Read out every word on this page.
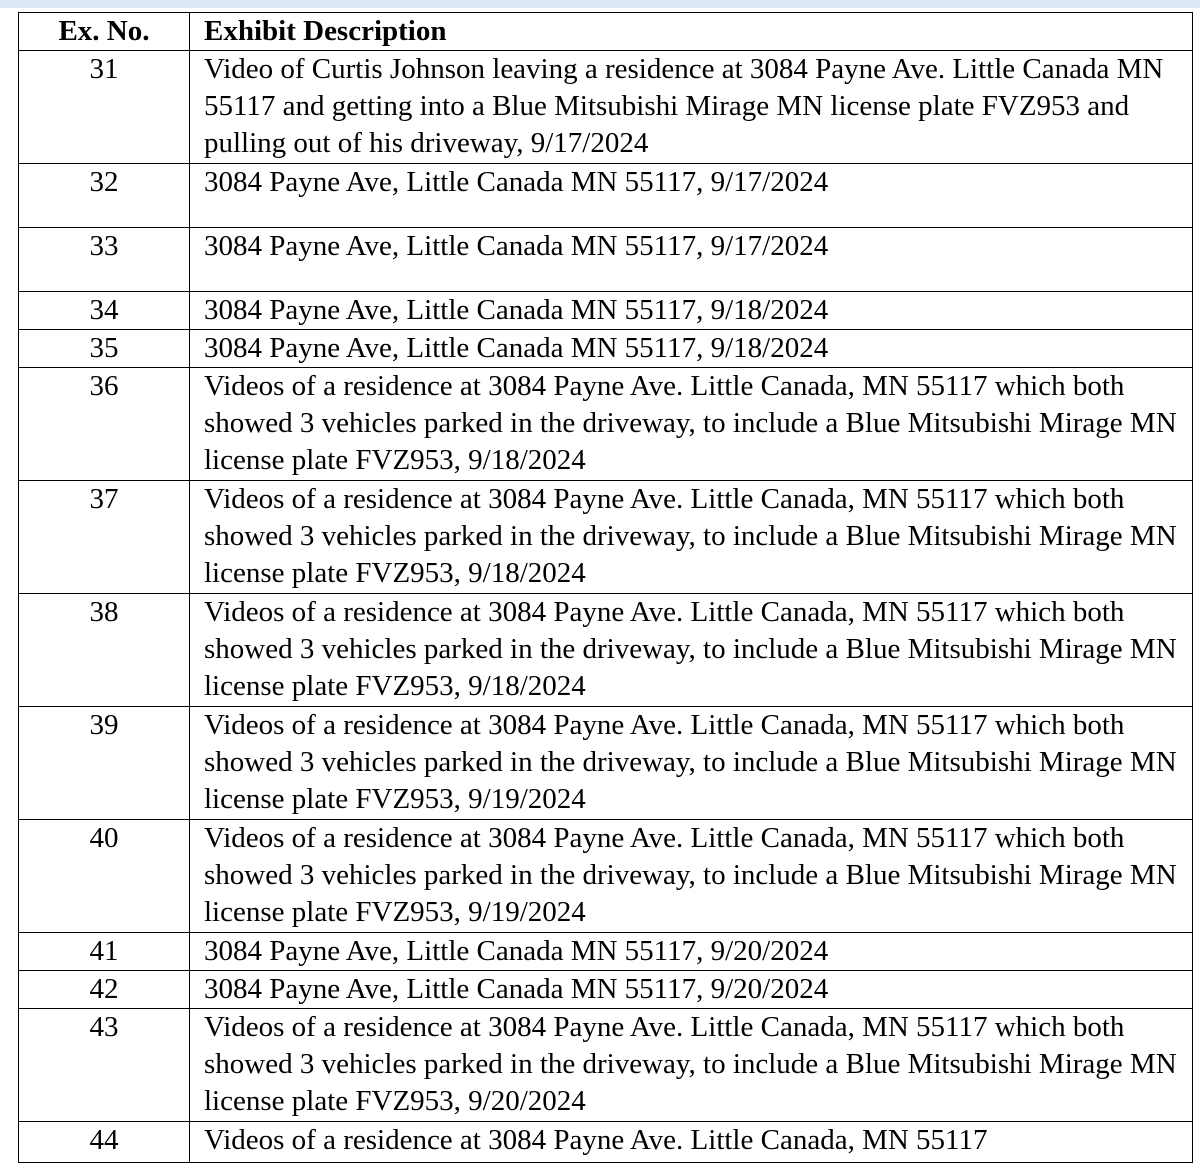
Ex. No.	Exhibit Description
31	Video of Curtis Johnson leaving a residence at 3084 Payne Ave. Little Canada MN 55117 and getting into a Blue Mitsubishi Mirage MN license plate FVZ953 and pulling out of his driveway, 9/17/2024
32	3084 Payne Ave, Little Canada MN 55117, 9/17/2024
33	3084 Payne Ave, Little Canada MN 55117, 9/17/2024
34	3084 Payne Ave, Little Canada MN 55117, 9/18/2024
35	3084 Payne Ave, Little Canada MN 55117, 9/18/2024
36	Videos of a residence at 3084 Payne Ave. Little Canada, MN 55117 which both showed 3 vehicles parked in the driveway, to include a Blue Mitsubishi Mirage MN license plate FVZ953, 9/18/2024
37	Videos of a residence at 3084 Payne Ave. Little Canada, MN 55117 which both showed 3 vehicles parked in the driveway, to include a Blue Mitsubishi Mirage MN license plate FVZ953, 9/18/2024
38	Videos of a residence at 3084 Payne Ave. Little Canada, MN 55117 which both showed 3 vehicles parked in the driveway, to include a Blue Mitsubishi Mirage MN license plate FVZ953, 9/18/2024
39	Videos of a residence at 3084 Payne Ave. Little Canada, MN 55117 which both showed 3 vehicles parked in the driveway, to include a Blue Mitsubishi Mirage MN license plate FVZ953, 9/19/2024
40	Videos of a residence at 3084 Payne Ave. Little Canada, MN 55117 which both showed 3 vehicles parked in the driveway, to include a Blue Mitsubishi Mirage MN license plate FVZ953, 9/19/2024
41	3084 Payne Ave, Little Canada MN 55117, 9/20/2024
42	3084 Payne Ave, Little Canada MN 55117, 9/20/2024
43	Videos of a residence at 3084 Payne Ave. Little Canada, MN 55117 which both showed 3 vehicles parked in the driveway, to include a Blue Mitsubishi Mirage MN license plate FVZ953, 9/20/2024
44	Videos of a residence at 3084 Payne Ave. Little Canada, MN 55117
